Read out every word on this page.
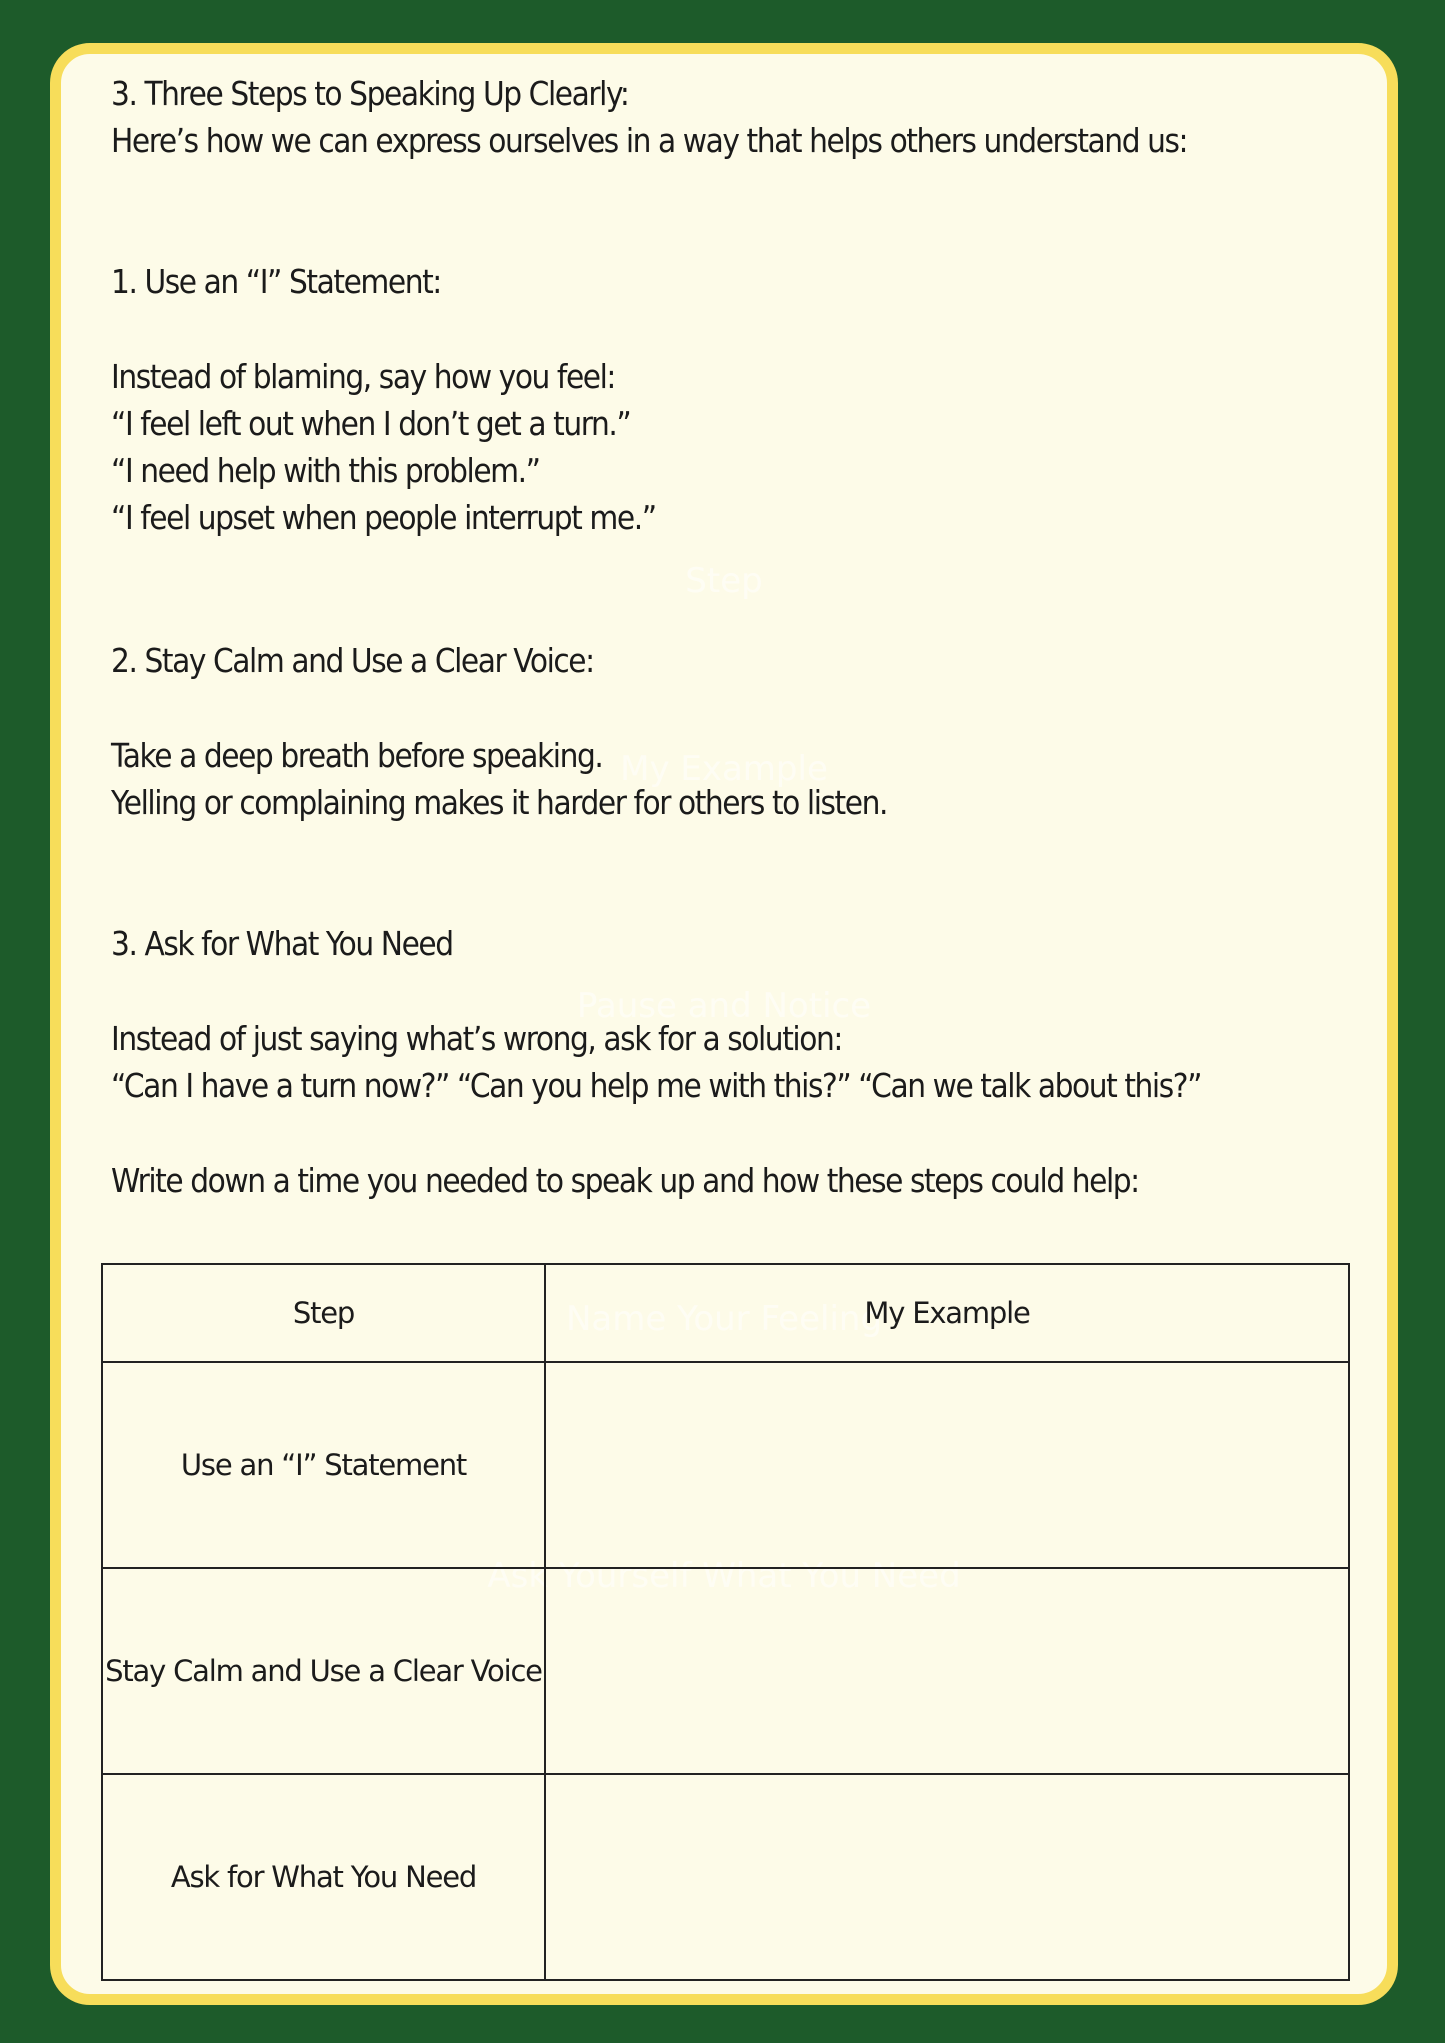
Step
My Example
Pause and Notice
Name Your Feeling
Ask Yourself What You Need
3. Three Steps to Speaking Up Clearly:
Here’s how we can express ourselves in a way that helps others understand us:
1. Use an “I” Statement:
Instead of blaming, say how you feel:
“I feel left out when I don’t get a turn.”
“I need help with this problem.”
“I feel upset when people interrupt me.”
2. Stay Calm and Use a Clear Voice:
Take a deep breath before speaking.
Yelling or complaining makes it harder for others to listen.
3. Ask for What You Need
Instead of just saying what’s wrong, ask for a solution:
“Can I have a turn now?” “Can you help me with this?” “Can we talk about this?”
Write down a time you needed to speak up and how these steps could help:
Step	My Example
Use an “I” Statement	
Stay Calm and Use a Clear Voice	
Ask for What You Need	
